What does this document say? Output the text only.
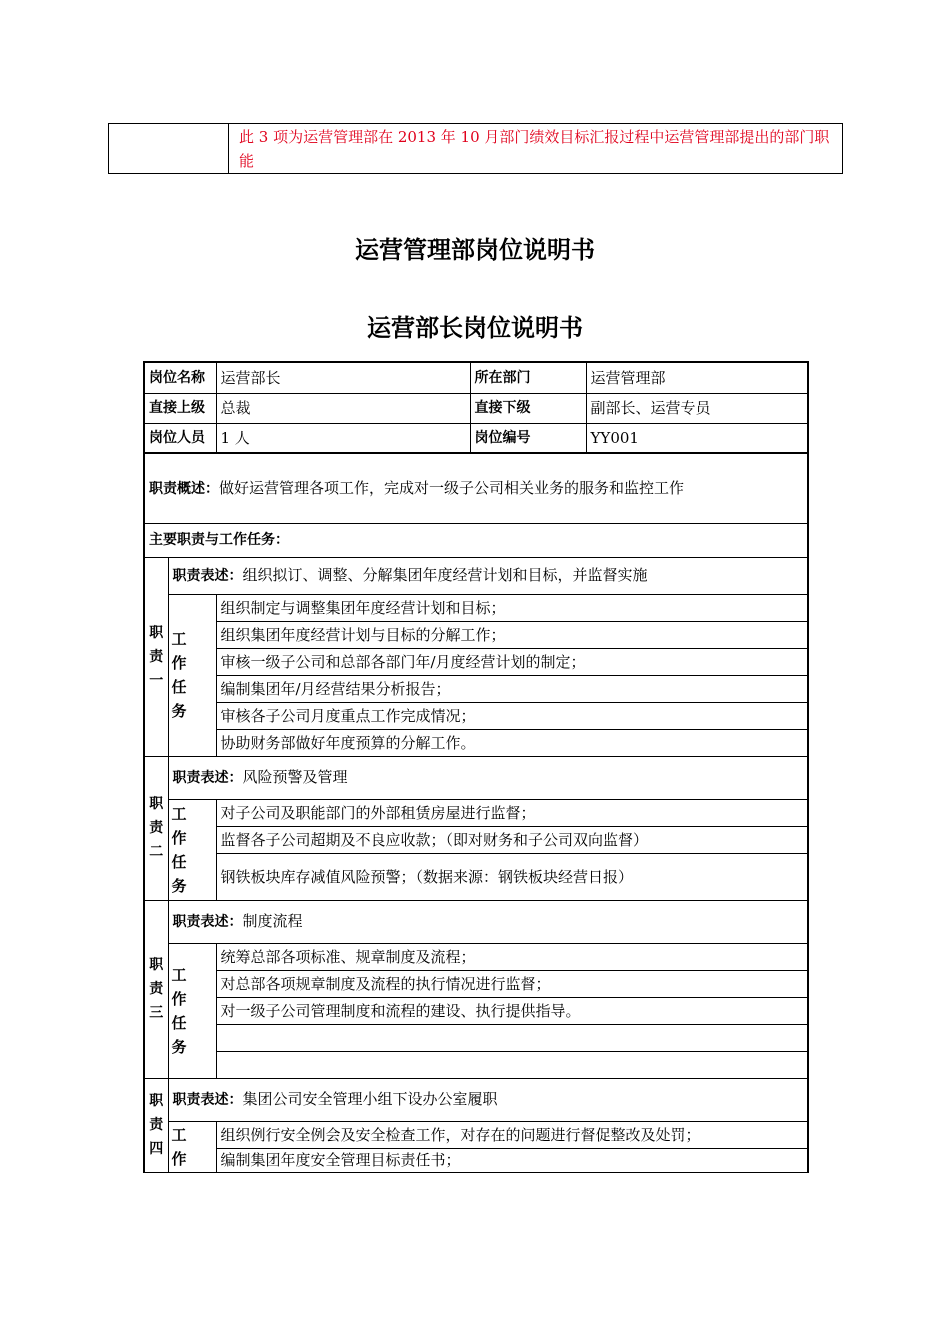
此 3 项为运营管理部在 2013 年 10 月部门绩效目标汇报过程中运营管理部提出的部门职能
运营管理部岗位说明书
运营部长岗位说明书
岗位名称		运营部长	所在部门	运营管理部
直接上级		总裁	直接下级	副部长、运营专员
岗位人员		1 人	岗位编号	YY001
职责概述：做好运营管理各项工作，完成对一级子公司相关业务的服务和监控工作				
主要职责与工作任务：				

职
责
一	职责表述：组织拟订、调整、分解集团年度经营计划和目标，并监督实施			

	工
作
任
务	组织制定与调整集团年度经营计划和目标；		
		组织集团年度经营计划与目标的分解工作；		
		审核一级子公司和总部各部门年/月度经营计划的制定；		
		编制集团年/月经营结果分析报告；		
		审核各子公司月度重点工作完成情况；		
		协助财务部做好年度预算的分解工作。		

职
责
二	职责表述：风险预警及管理			

	工
作
任
务	对子公司及职能部门的外部租赁房屋进行监督；		
		监督各子公司超期及不良应收款；（即对财务和子公司双向监督）		
		钢铁板块库存减值风险预警；（数据来源：钢铁板块经营日报）		

职
责
三	职责表述：制度流程			

	工
作
任
务	统筹总部各项标准、规章制度及流程；		
		对总部各项规章制度及流程的执行情况进行监督；		
		对一级子公司管理制度和流程的建设、执行提供指导。		

职
责
四	职责表述：集团公司安全管理小组下设办公室履职			

	工
作	组织例行安全例会及安全检查工作，对存在的问题进行督促整改及处罚；		
		编制集团年度安全管理目标责任书；		
